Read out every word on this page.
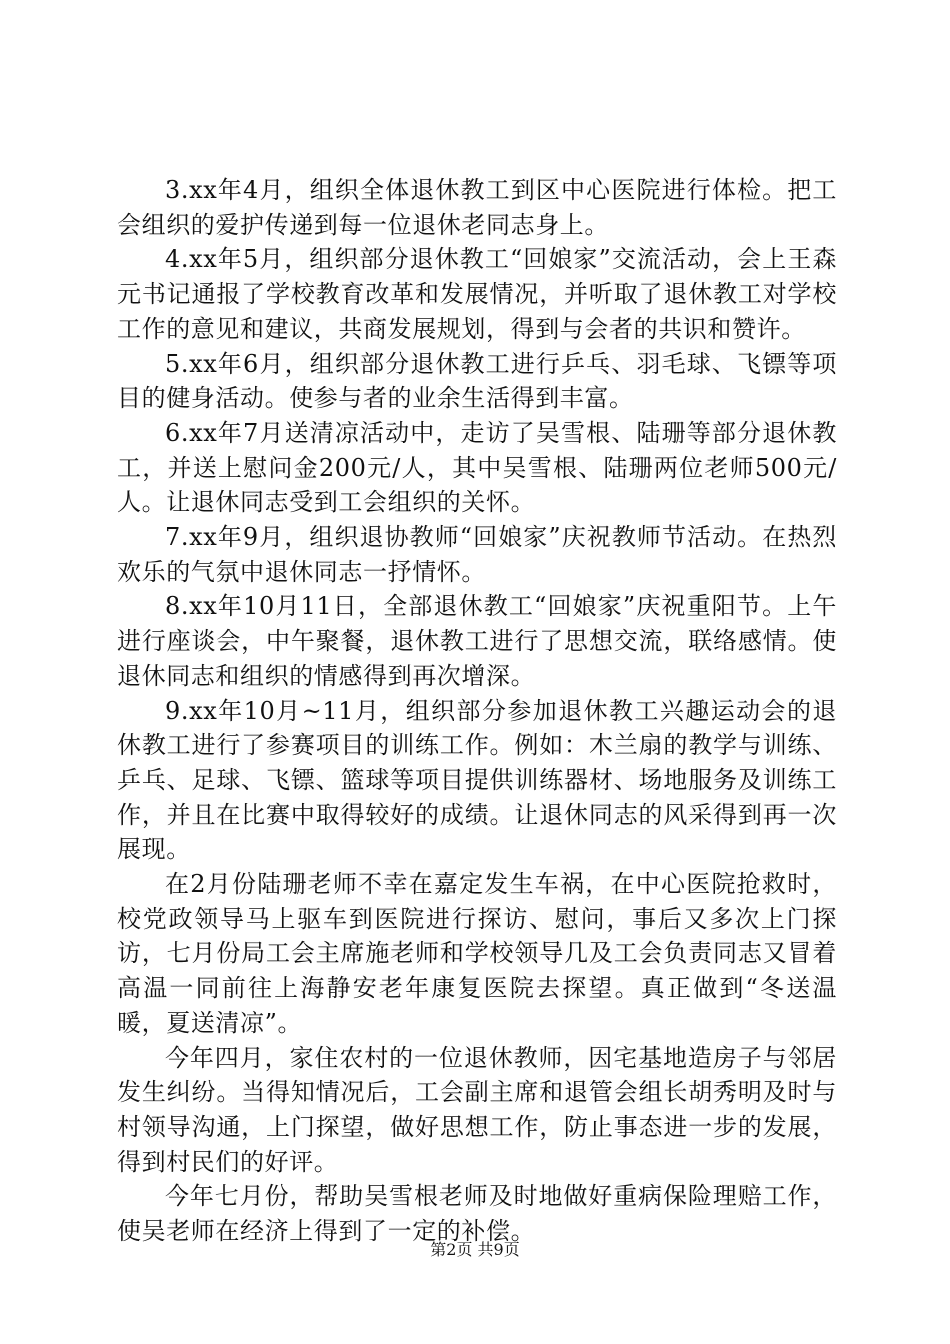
3.xx年4月，组织全体退休教工到区中心医院进行体检。把工会组织的爱护传递到每一位退休老同志身上。

4.xx年5月，组织部分退休教工“回娘家”交流活动，会上王森元书记通报了学校教育改革和发展情况，并听取了退休教工对学校工作的意见和建议，共商发展规划，得到与会者的共识和赞许。

5.xx年6月，组织部分退休教工进行乒乓、羽毛球、飞镖等项目的健身活动。使参与者的业余生活得到丰富。

6.xx年7月送清凉活动中，走访了吴雪根、陆珊等部分退休教工，并送上慰问金200元/人，其中吴雪根、陆珊两位老师500元/人。让退休同志受到工会组织的关怀。

7.xx年9月，组织退协教师“回娘家”庆祝教师节活动。在热烈欢乐的气氛中退休同志一抒情怀。

8.xx年10月11日，全部退休教工“回娘家”庆祝重阳节。上午进行座谈会，中午聚餐，退休教工进行了思想交流，联络感情。使退休同志和组织的情感得到再次增深。

9.xx年10月~11月，组织部分参加退休教工兴趣运动会的退休教工进行了参赛项目的训练工作。例如：木兰扇的教学与训练、乒乓、足球、飞镖、篮球等项目提供训练器材、场地服务及训练工作，并且在比赛中取得较好的成绩。让退休同志的风采得到再一次展现。

在2月份陆珊老师不幸在嘉定发生车祸，在中心医院抢救时，校党政领导马上驱车到医院进行探访、慰问，事后又多次上门探访，七月份局工会主席施老师和学校领导几及工会负责同志又冒着高温一同前往上海静安老年康复医院去探望。真正做到“冬送温暖，夏送清凉”。

今年四月，家住农村的一位退休教师，因宅基地造房子与邻居发生纠纷。当得知情况后，工会副主席和退管会组长胡秀明及时与村领导沟通，上门探望，做好思想工作，防止事态进一步的发展，得到村民们的好评。

今年七月份，帮助吴雪根老师及时地做好重病保险理赔工作，使吴老师在经济上得到了一定的补偿。

第2页 共9页
